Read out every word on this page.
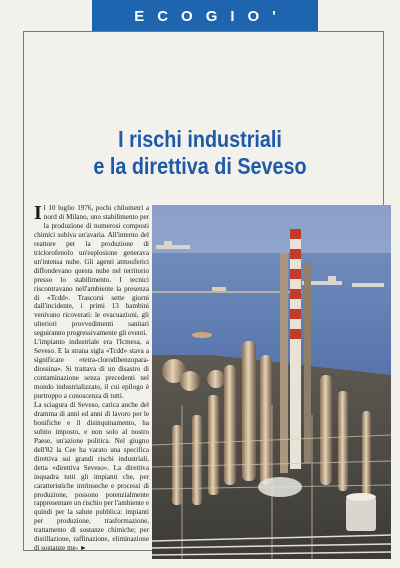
ECOGIO'
I rischi industriali
e la direttiva di Seveso

Il 10 luglio 1976, pochi chilometri a nord di Milano, uno stabilimento per la produzione di numerosi composti chimici subiva un'avaria. All'interno del reattore per la produzione di triclorofenolo un'esplosione generava un'intensa nube. Gli agenti atmosferici diffondevano questa nube nel territorio presso lo stabilimento. I tecnici riscontravano nell'ambiente la presenza di «Tcdd». Trascorsi sette giorni dall'incidente, i primi 13 bambini venivano ricoverati: le evacuazioni, gli ulteriori provvedimenti sanitari seguiranno progressivamente gli eventi.

L'impianto industriale era l'Icmesa, a Seveso. E la strana sigla «Tcdd» stava a significare «tetra-clorodibenzopara-diossina». Si trattava di un disastro di contaminazione senza precedenti nel mondo industrializzato, il cui epilogo è purtroppo a conoscenza di tutti.

La sciagura di Seveso, carica anche del dramma di anni ed anni di lavoro per le bonifiche e il disinquinamento, ha subito imposto, e non solo al nostro Paese, un'azione politica. Nel giugno dell'82 la Cee ha varato una specifica direttiva sui grandi rischi industriali, detta «direttiva Seveso». La direttiva inquadra tutti gli impianti che, per caratteristiche intrinseche e processi di produzione, possono potenzialmente rappresentare un rischio per l'ambiente e quindi per la salute pubblica: impianti per produzione, trasformazione, trattamento di sostanze chimiche; per distillazione, raffinazione, eliminazione di sostanze me- ►
